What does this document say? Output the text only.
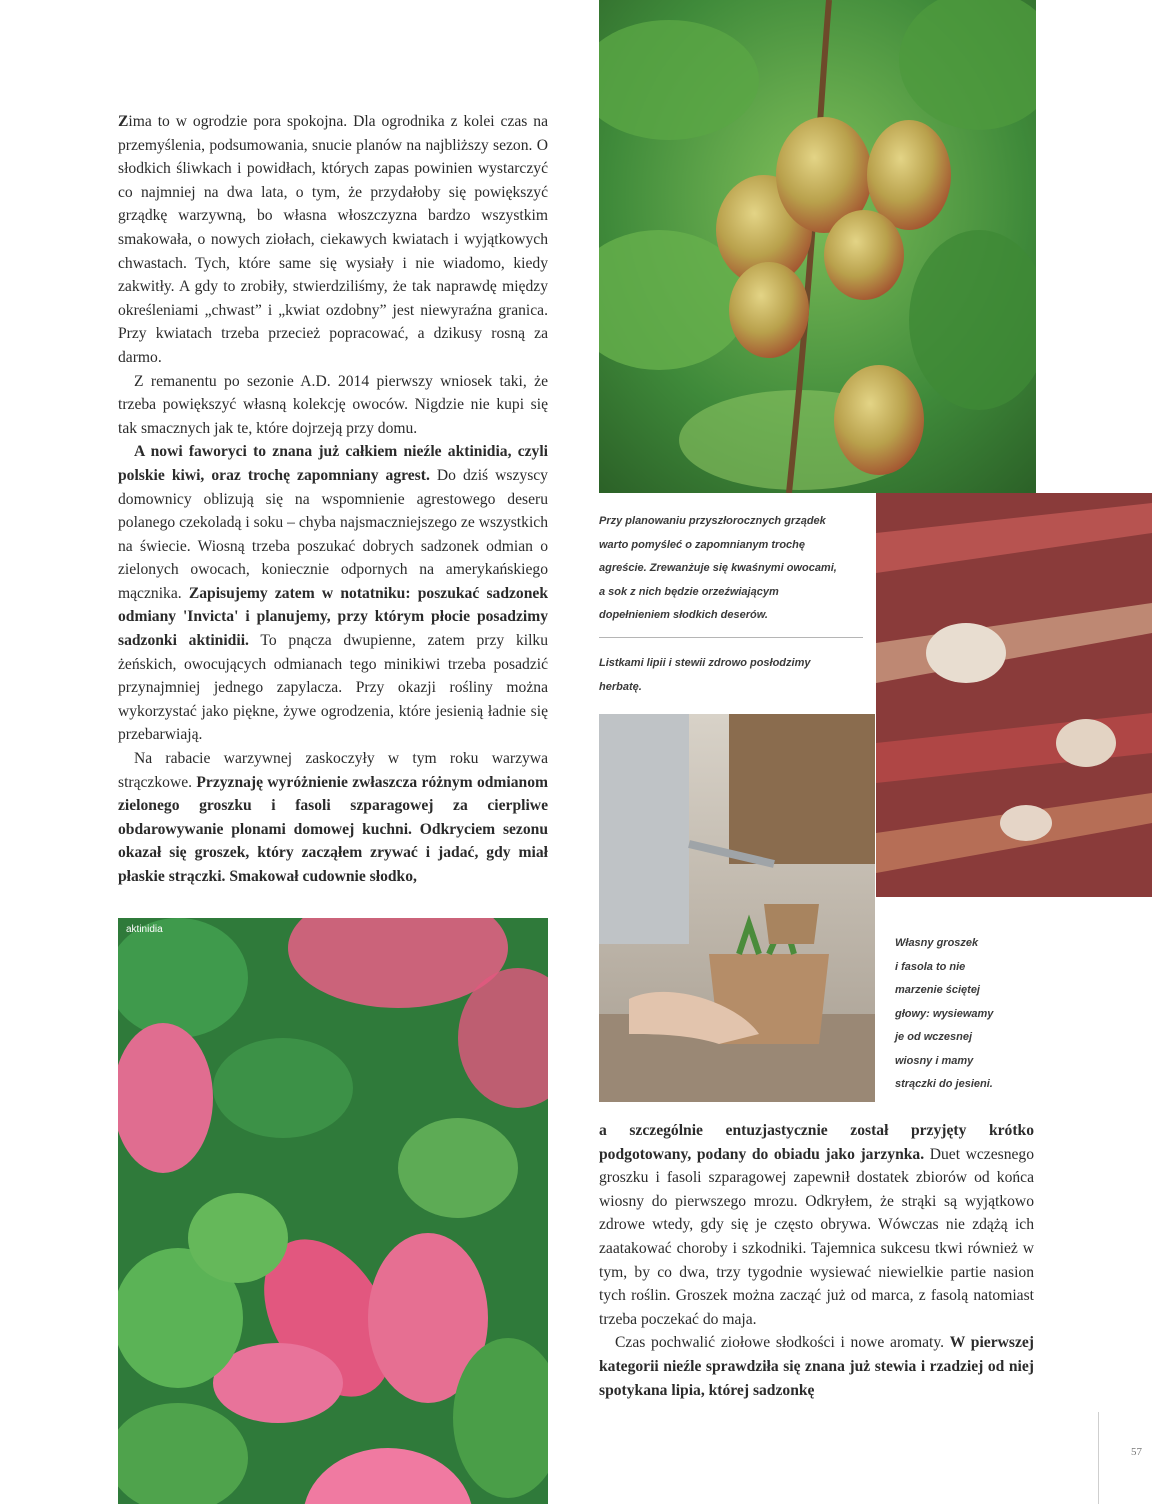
Zima to w ogrodzie pora spokojna. Dla ogrodnika z kolei czas na przemyślenia, podsumowania, snucie planów na najbliższy sezon. O słodkich śliwkach i powidłach, których zapas powinien wystarczyć co najmniej na dwa lata, o tym, że przydałoby się powiększyć grządkę warzywną, bo własna włoszczyzna bardzo wszystkim smakowała, o nowych ziołach, ciekawych kwiatach i wyjątkowych chwastach. Tych, które same się wysiały i nie wiadomo, kiedy zakwitły. A gdy to zrobiły, stwierdziliśmy, że tak naprawdę między określeniami „chwast” i „kwiat ozdobny” jest niewyraźna granica. Przy kwiatach trzeba przecież popracować, a dzikusy rosną za darmo.

Z remanentu po sezonie A.D. 2014 pierwszy wniosek taki, że trzeba powiększyć własną kolekcję owoców. Nigdzie nie kupi się tak smacznych jak te, które dojrzeją przy domu.

A nowi faworyci to znana już całkiem nieźle aktinidia, czyli polskie kiwi, oraz trochę zapomniany agrest. Do dziś wszyscy domownicy oblizują się na wspomnienie agrestowego deseru polanego czekoladą i soku – chyba najsmaczniejszego ze wszystkich na świecie. Wiosną trzeba poszukać dobrych sadzonek odmian o zielonych owocach, koniecznie odpornych na amerykańskiego mącznika. Zapisujemy zatem w notatniku: poszukać sadzonek odmiany 'Invicta' i planujemy, przy którym płocie posadzimy sadzonki aktinidii. To pnącza dwupienne, zatem przy kilku żeńskich, owocujących odmianach tego minikiwi trzeba posadzić przynajmniej jednego zapylacza. Przy okazji rośliny można wykorzystać jako piękne, żywe ogrodzenia, które jesienią ładnie się przebarwiają.

Na rabacie warzywnej zaskoczyły w tym roku warzywa strączkowe. Przyznaję wyróżnienie zwłaszcza różnym odmianom zielonego groszku i fasoli szparagowej za cierpliwe obdarowywanie plonami domowej kuchni. Odkryciem sezonu okazał się groszek, który zacząłem zrywać i jadać, gdy miał płaskie strączki. Smakował cudownie słodko,

Przy planowaniu przyszłorocznych grządek
warto pomyśleć o zapomnianym trochę
agreście. Zrewanżuje się kwaśnymi owocami,
a sok z nich będzie orzeźwiającym
dopełnieniem słodkich deserów.
Listkami lipii i stewii zdrowo posłodzimy
herbatę.
Własny groszek
i fasola to nie
marzenie ściętej
głowy: wysiewamy
je od wczesnej
wiosny i mamy
strączki do jesieni.
aktinidia

a szczególnie entuzjastycznie został przyjęty krótko podgotowany, podany do obiadu jako jarzynka. Duet wczesnego groszku i fasoli szparagowej zapewnił dostatek zbiorów od końca wiosny do pierwszego mrozu. Odkryłem, że strąki są wyjątkowo zdrowe wtedy, gdy się je często obrywa. Wówczas nie zdążą ich zaatakować choroby i szkodniki. Tajemnica sukcesu tkwi również w tym, by co dwa, trzy tygodnie wysiewać niewielkie partie nasion tych roślin. Groszek można zacząć już od marca, z fasolą natomiast trzeba poczekać do maja.

Czas pochwalić ziołowe słodkości i nowe aromaty. W pierwszej kategorii nieźle sprawdziła się znana już stewia i rzadziej od niej spotykana lipia, której sadzonkę

57
